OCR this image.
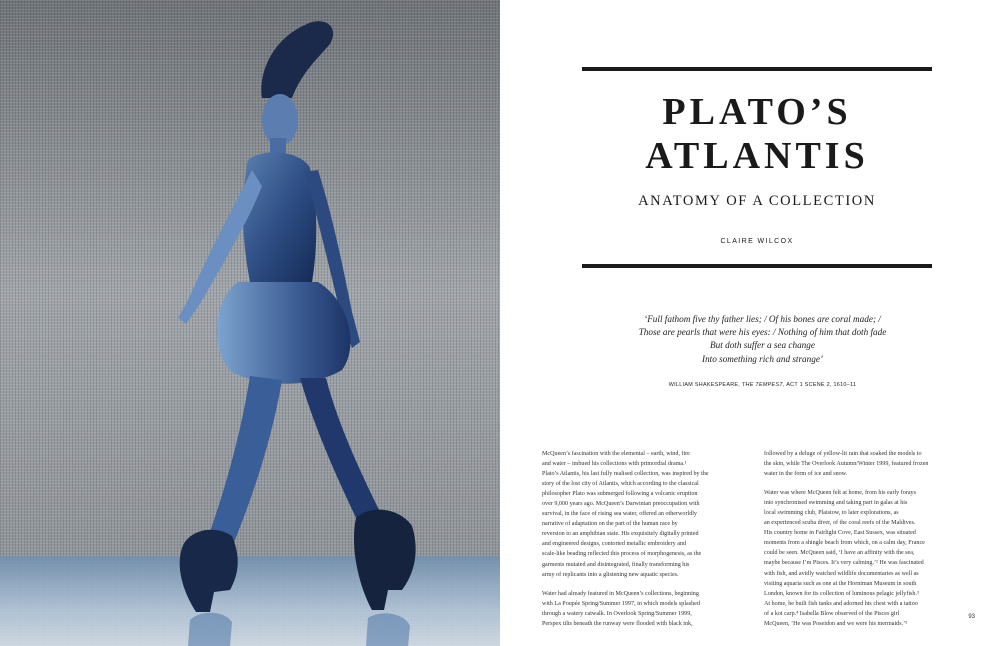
PLATO’S
ATLANTIS
ANATOMY OF A COLLECTION
CLAIRE WILCOX
‘Full fathom five thy father lies; / Of his bones are coral made; /
Those are pearls that were his eyes: / Nothing of him that doth fade
But doth suffer a sea change
Into something rich and strange’
WILLIAM SHAKESPEARE, THE TEMPEST, ACT 1 SCENE 2, 1610–11

McQueen’s fascination with the elemental – earth, wind, fire
and water – imbued his collections with primordial drama.¹
Plato’s Atlantis, his last fully realised collection, was inspired by the
story of the lost city of Atlantis, which according to the classical
philosopher Plato was submerged following a volcanic eruption
over 9,000 years ago. McQueen’s Darwinian preoccupation with
survival, in the face of rising sea water, offered an otherworldly
narrative of adaptation on the part of the human race by
reversion to an amphibian state. His exquisitely digitally printed
and engineered designs, contorted metallic embroidery and
scale-like beading reflected this process of morphogenesis, as the
garments mutated and disintegrated, finally transforming his
army of replicants into a glistening new aquatic species.

Water had already featured in McQueen’s collections, beginning
with La Poupée Spring/Summer 1997, in which models splashed
through a watery catwalk. In Overlook Spring/Summer 1999,
Perspex tilts beneath the runway were flooded with black ink,

followed by a deluge of yellow-lit rain that soaked the models to
the skin, while The Overlook Autumn/Winter 1999, featured frozen
water in the form of ice and snow.

Water was where McQueen felt at home, from his early forays
into synchronised swimming and taking part in galas at his
local swimming club, Plaistow, to later explorations, as
an experienced scuba diver, of the coral reefs of the Maldives.
His country home in Fairlight Cove, East Sussex, was situated
moments from a shingle beach from which, on a calm day, France
could be seen. McQueen said, ‘I have an affinity with the sea,
maybe because I’m Pisces. It’s very calming.’² He was fascinated
with fish, and avidly watched wildlife documentaries as well as
visiting aquaria such as one at the Horniman Museum in south
London, known for its collection of luminous pelagic jellyfish.³
At home, he built fish tanks and adorned his chest with a tattoo
of a koi carp.⁴ Isabella Blow observed of the Pisces girl
McQueen, ‘He was Poseidon and we were his mermaids.’⁵

93
